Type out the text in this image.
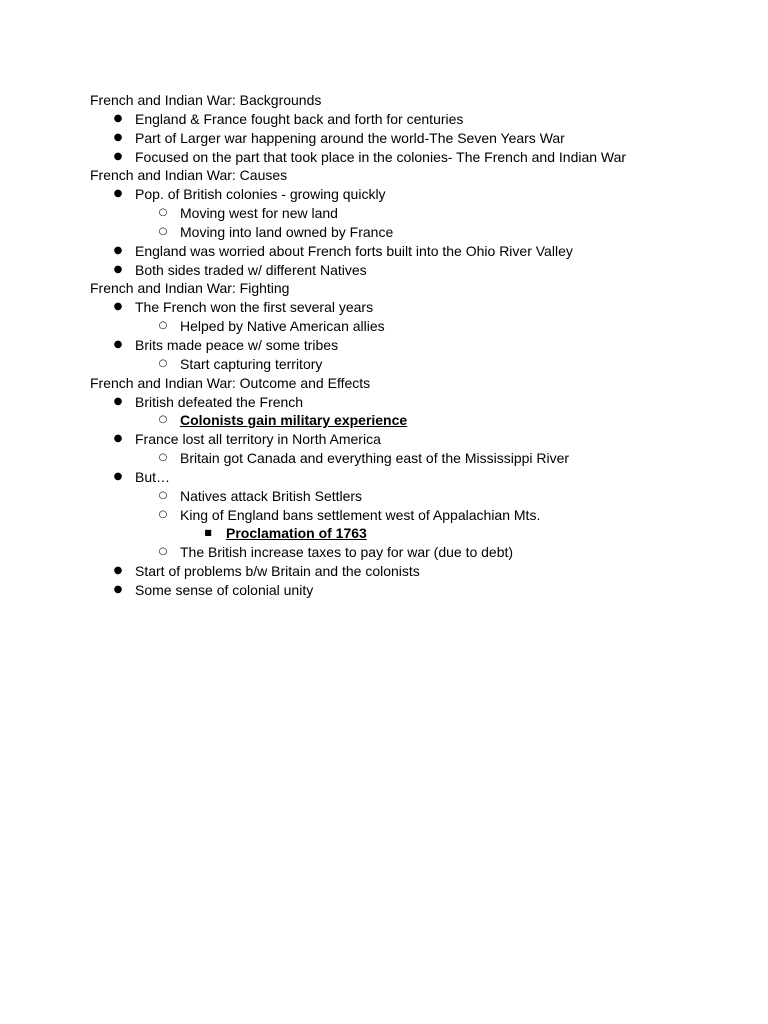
French and Indian War: Backgrounds
● England & France fought back and forth for centuries
● Part of Larger war happening around the world-The Seven Years War
● Focused on the part that took place in the colonies- The French and Indian War
French and Indian War: Causes
● Pop. of British colonies - growing quickly
○ Moving west for new land
○ Moving into land owned by France
● England was worried about French forts built into the Ohio River Valley
● Both sides traded w/ different Natives
French and Indian War: Fighting
● The French won the first several years
○ Helped by Native American allies
● Brits made peace w/ some tribes
○ Start capturing territory
French and Indian War: Outcome and Effects
● British defeated the French
○ Colonists gain military experience
● France lost all territory in North America
○ Britain got Canada and everything east of the Mississippi River
● But…
○ Natives attack British Settlers
○ King of England bans settlement west of Appalachian Mts.
■ Proclamation of 1763
○ The British increase taxes to pay for war (due to debt)
● Start of problems b/w Britain and the colonists
● Some sense of colonial unity
